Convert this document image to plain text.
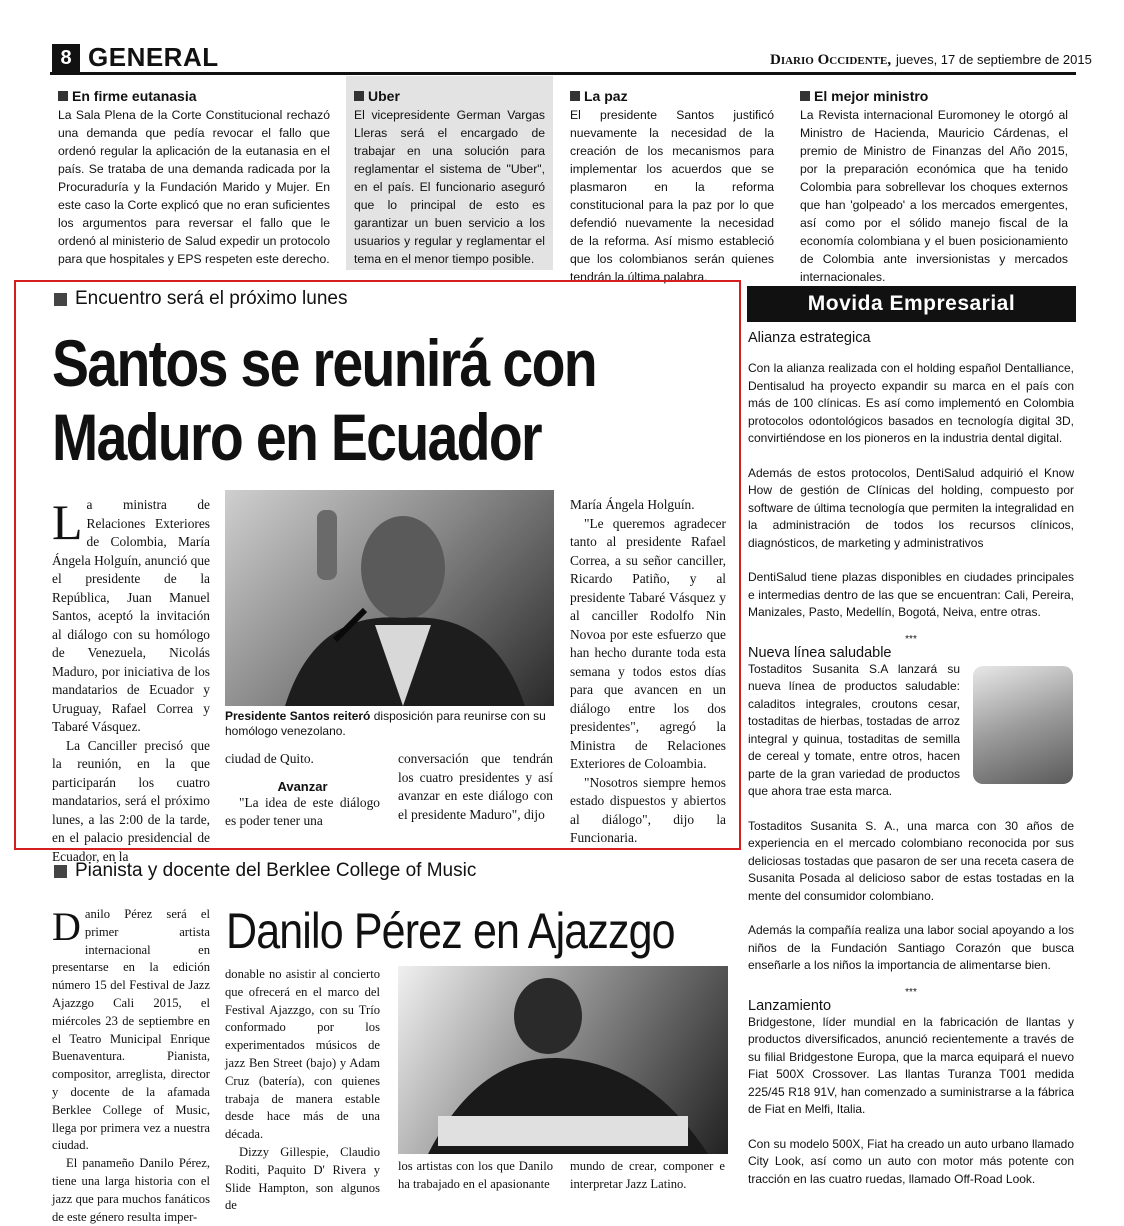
8 GENERAL	Diario Occidente, jueves, 17 de septiembre de 2015
En firme eutanasia

La Sala Plena de la Corte Constitucional rechazó una demanda que pedía revocar el fallo que ordenó regular la aplicación de la eutanasia en el país. Se trataba de una demanda radicada por la Procuraduría y la Fundación Marido y Mujer. En este caso la Corte explicó que no eran suficientes los argumentos para reversar el fallo que le ordenó al ministerio de Salud expedir un protocolo para que hospitales y EPS respeten este derecho.

Uber

El vicepresidente German Vargas Lleras será el encargado de trabajar en una solución para reglamentar el sistema de "Uber", en el país. El funcionario aseguró que lo principal de esto es garantizar un buen servicio a los usuarios y regular y reglamentar el tema en el menor tiempo posible.

La paz

El presidente Santos justificó nuevamente la necesidad de la creación de los mecanismos para implementar los acuerdos que se plasmaron en la reforma constitucional para la paz por lo que defendió nuevamente la necesidad de la reforma. Así mismo estableció que los colombianos serán quienes tendrán la última palabra.

El mejor ministro

La Revista internacional Euromoney le otorgó al Ministro de Hacienda, Mauricio Cárdenas, el premio de Ministro de Finanzas del Año 2015, por la preparación económica que ha tenido Colombia para sobrellevar los choques externos que han 'golpeado' a los mercados emergentes, así como por el sólido manejo fiscal de la economía colombiana y el buen posicionamiento de Colombia ante inversionistas y mercados internacionales.

Encuentro será el próximo lunes
Santos se reunirá con
Maduro en Ecuador

La ministra de Relaciones Exteriores de Colombia, María Ángela Holguín, anunció que el presidente de la República, Juan Manuel Santos, aceptó la invitación al diálogo con su homólogo de Venezuela, Nicolás Maduro, por iniciativa de los mandatarios de Ecuador y Uruguay, Rafael Correa y Tabaré Vásquez.

La Canciller precisó que la reunión, en la que participarán los cuatro mandatarios, será el próximo lunes, a las 2:00 de la tarde, en el palacio presidencial de Ecuador, en la

Presidente Santos reiteró disposición para reunirse con su homólogo venezolano.

ciudad de Quito.

Avanzar

"La idea de este diálogo es poder tener una

conversación que tendrán los cuatro presidentes y así avanzar en este diálogo con el presidente Maduro", dijo

María Ángela Holguín.

"Le queremos agradecer tanto al presidente Rafael Correa, a su señor canciller, Ricardo Patiño, y al presidente Tabaré Vásquez y al canciller Rodolfo Nin Novoa por este esfuerzo que han hecho durante toda esta semana y todos estos días para que avancen en un diálogo entre los dos presidentes", agregó la Ministra de Relaciones Exteriores de Coloambia.

"Nosotros siempre hemos estado dispuestos y abiertos al diálogo", dijo la Funcionaria.

Movida Empresarial
Alianza estrategica

Con la alianza realizada con el holding español Dentalliance, Dentisalud ha proyecto expandir su marca en el país con más de 100 clínicas. Es así como implementó en Colombia protocolos odontológicos basados en tecnología digital 3D, convirtiéndose en los pioneros en la industria dental digital.

Además de estos protocolos, DentiSalud adquirió el Know How de gestión de Clínicas del holding, compuesto por software de última tecnología que permiten la integralidad en la administración de todos los recursos clínicos, diagnósticos, de marketing y administrativos

DentiSalud tiene plazas disponibles en ciudades principales e intermedias dentro de las que se encuentran: Cali, Pereira, Manizales, Pasto, Medellín, Bogotá, Neiva, entre otras.

***
Nueva línea saludable

Tostaditos Susanita S.A lanzará su nueva línea de productos saludable: caladitos integrales, croutons cesar, tostaditas de hierbas, tostadas de arroz integral y quinua, tostaditas de semilla de cereal y tomate, entre otros, hacen parte de la gran variedad de productos que ahora trae esta marca.

Tostaditos Susanita S. A., una marca con 30 años de experiencia en el mercado colombiano reconocida por sus deliciosas tostadas que pasaron de ser una receta casera de Susanita Posada al delicioso sabor de estas tostadas en la mente del consumidor colombiano.

Además la compañía realiza una labor social apoyando a los niños de la Fundación Santiago Corazón que busca enseñarle a los niños la importancia de alimentarse bien.

***
Lanzamiento

Bridgestone, líder mundial en la fabricación de llantas y productos diversificados, anunció recientemente a través de su filial Bridgestone Europa, que la marca equipará el nuevo Fiat 500X Crossover. Las llantas Turanza T001 medida 225/45 R18 91V, han comenzado a suministrarse a la fábrica de Fiat en Melfi, Italia.

Con su modelo 500X, Fiat ha creado un auto urbano llamado City Look, así como un auto con motor más potente con tracción en las cuatro ruedas, llamado Off-Road Look.

Pianista y docente del Berklee College of Music
Danilo Pérez en Ajazzgo

Danilo Pérez será el primer artista internacional en presentarse en la edición número 15 del Festival de Jazz Ajazzgo Cali 2015, el miércoles 23 de septiembre en el Teatro Municipal Enrique Buenaventura. Pianista, compositor, arreglista, director y docente de la afamada Berklee College of Music, llega por primera vez a nuestra ciudad.

El panameño Danilo Pérez, tiene una larga historia con el jazz que para muchos fanáticos de este género resulta imper-

donable no asistir al concierto que ofrecerá en el marco del Festival Ajazzgo, con su Trío conformado por los experimentados músicos de jazz Ben Street (bajo) y Adam Cruz (batería), con quienes trabaja de manera estable desde hace más de una década.

Dizzy Gillespie, Claudio Roditi, Paquito D' Rivera y Slide Hampton, son algunos de

los artistas con los que Danilo ha trabajado en el apasionante

mundo de crear, componer e interpretar Jazz Latino.
